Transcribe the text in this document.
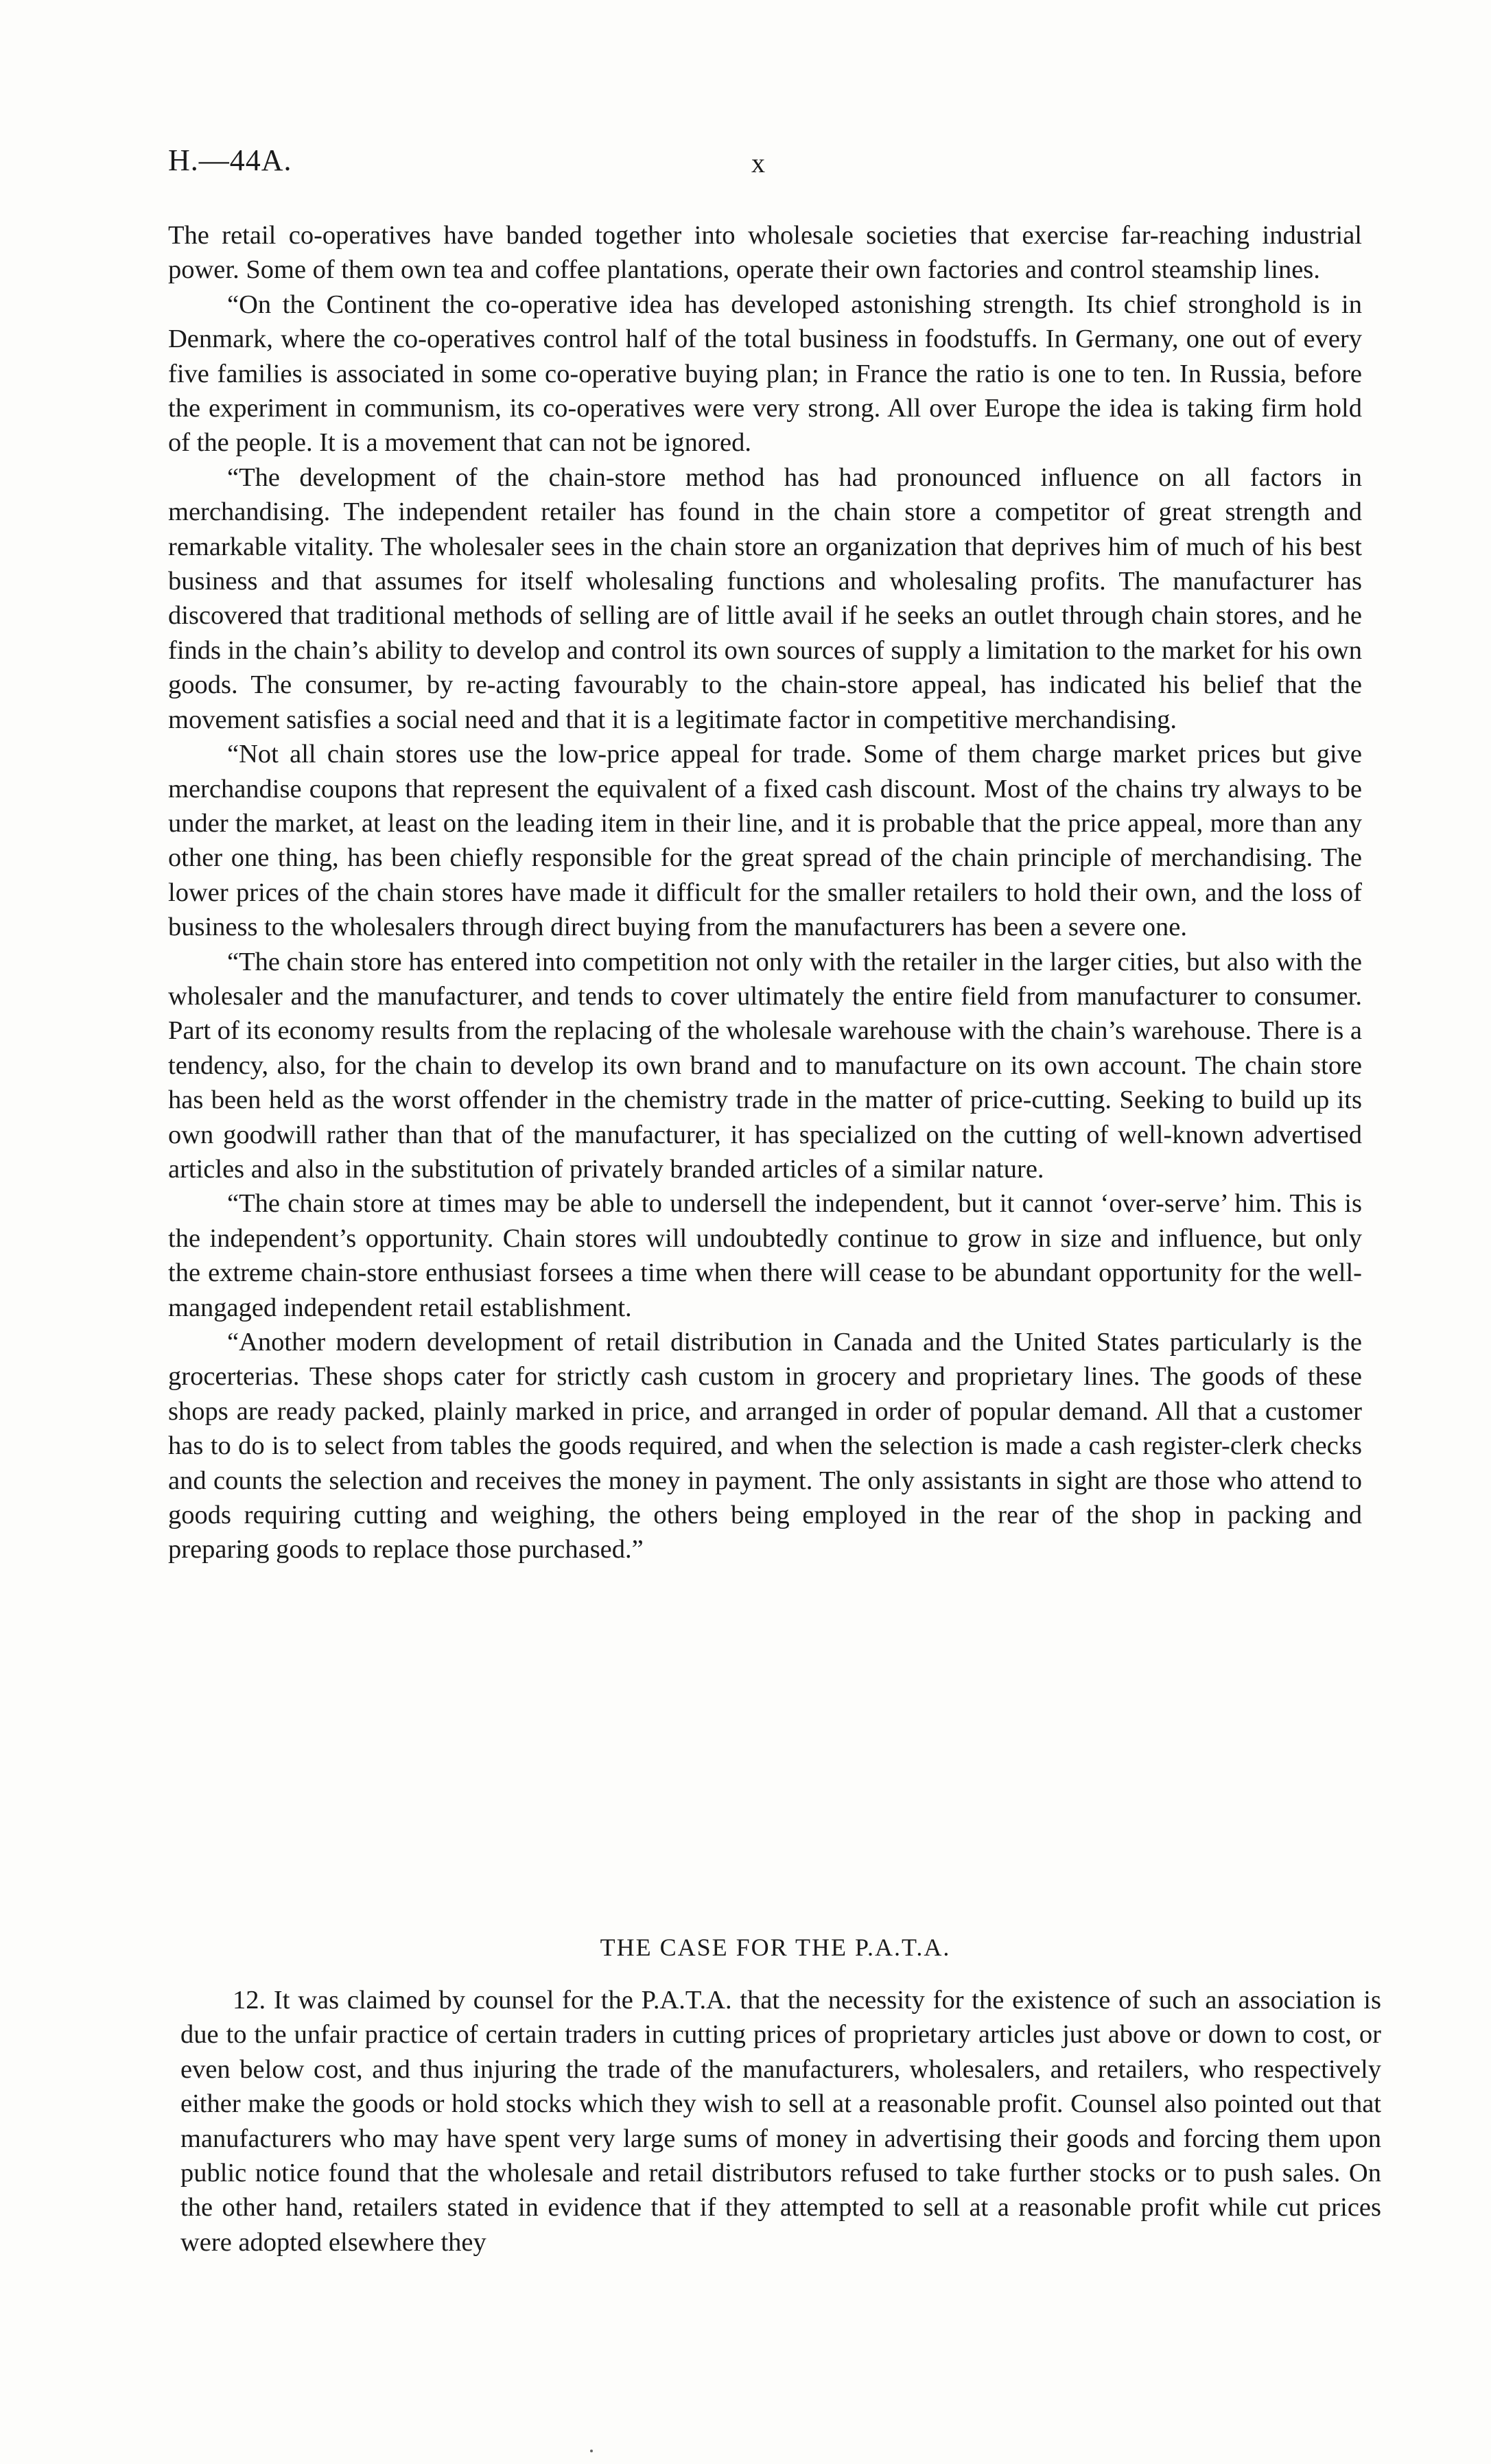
H.—44A.	x

The retail co-operatives have banded together into wholesale societies that exercise far-reaching industrial power. Some of them own tea and coffee plantations, operate their own factories and control steamship lines.

“On the Continent the co-operative idea has developed astonishing strength. Its chief stronghold is in Denmark, where the co-operatives control half of the total business in foodstuffs. In Germany, one out of every five families is associated in some co-operative buying plan; in France the ratio is one to ten. In Russia, before the experiment in communism, its co-operatives were very strong. All over Europe the idea is taking firm hold of the people. It is a movement that can not be ignored.

“The development of the chain-store method has had pronounced influence on all factors in merchandising. The independent retailer has found in the chain store a competitor of great strength and remarkable vitality. The wholesaler sees in the chain store an organization that deprives him of much of his best business and that assumes for itself wholesaling functions and wholesaling profits. The manufacturer has discovered that traditional methods of selling are of little avail if he seeks an outlet through chain stores, and he finds in the chain’s ability to develop and control its own sources of supply a limitation to the market for his own goods. The consumer, by re-acting favourably to the chain-store appeal, has indicated his belief that the movement satisfies a social need and that it is a legitimate factor in competitive merchandising.

“Not all chain stores use the low-price appeal for trade. Some of them charge market prices but give merchandise coupons that represent the equivalent of a fixed cash discount. Most of the chains try always to be under the market, at least on the leading item in their line, and it is probable that the price appeal, more than any other one thing, has been chiefly responsible for the great spread of the chain principle of merchandising. The lower prices of the chain stores have made it difficult for the smaller retailers to hold their own, and the loss of business to the wholesalers through direct buying from the manufacturers has been a severe one.

“The chain store has entered into competition not only with the retailer in the larger cities, but also with the wholesaler and the manufacturer, and tends to cover ultimately the entire field from manufacturer to consumer. Part of its economy results from the replacing of the wholesale warehouse with the chain’s warehouse. There is a tendency, also, for the chain to develop its own brand and to manufacture on its own account. The chain store has been held as the worst offender in the chemistry trade in the matter of price-cutting. Seeking to build up its own goodwill rather than that of the manufacturer, it has specialized on the cutting of well-known advertised articles and also in the substitution of privately branded articles of a similar nature.

“The chain store at times may be able to undersell the independent, but it cannot ‘over-serve’ him. This is the independent’s opportunity. Chain stores will undoubtedly continue to grow in size and influence, but only the extreme chain-store enthusiast forsees a time when there will cease to be abundant opportunity for the well-mangaged independent retail establishment.

“Another modern development of retail distribution in Canada and the United States particularly is the grocerterias. These shops cater for strictly cash custom in grocery and proprietary lines. The goods of these shops are ready packed, plainly marked in price, and arranged in order of popular demand. All that a customer has to do is to select from tables the goods required, and when the selection is made a cash register-clerk checks and counts the selection and receives the money in payment. The only assistants in sight are those who attend to goods requiring cutting and weighing, the others being employed in the rear of the shop in packing and preparing goods to replace those purchased.”

THE CASE FOR THE P.A.T.A.

12. It was claimed by counsel for the P.A.T.A. that the necessity for the existence of such an association is due to the unfair practice of certain traders in cutting prices of proprietary articles just above or down to cost, or even below cost, and thus injuring the trade of the manufacturers, wholesalers, and retailers, who respectively either make the goods or hold stocks which they wish to sell at a reasonable profit. Counsel also pointed out that manufacturers who may have spent very large sums of money in advertising their goods and forcing them upon public notice found that the wholesale and retail distributors refused to take further stocks or to push sales. On the other hand, retailers stated in evidence that if they attempted to sell at a reasonable profit while cut prices were adopted elsewhere they
